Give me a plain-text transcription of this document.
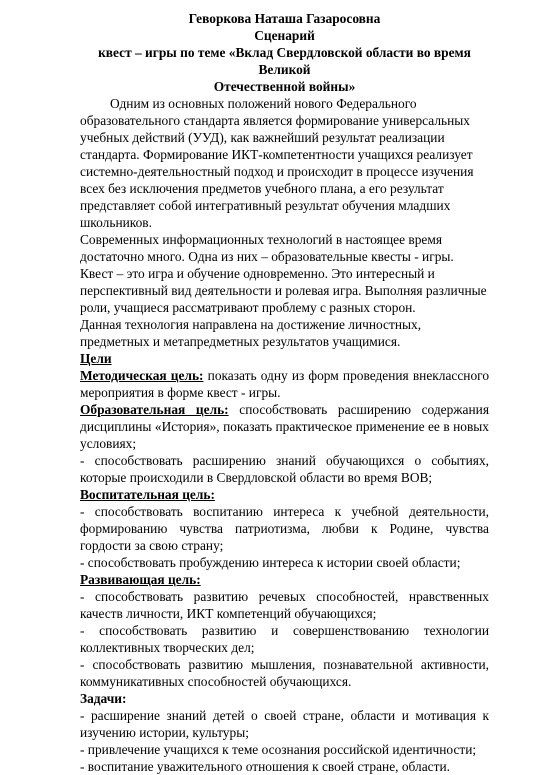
Геворкова Наташа Газаросовна

Сценарий

квест – игры по теме «Вклад Свердловской области во время Великой

Отечественной войны»

Одним из основных положений нового Федерального образовательного стандарта является формирование универсальных учебных действий (УУД), как важнейший результат реализации стандарта. Формирование ИКТ-компетентности учащихся реализует системно-деятельностный подход и происходит в процессе изучения всех без исключения предметов учебного плана, а его результат представляет собой интегративный результат обучения младших школьников.

Современных информационных технологий в настоящее время достаточно много. Одна из них – образовательные квесты - игры.

Квест – это игра и обучение одновременно. Это интересный и перспективный вид деятельности и ролевая игра. Выполняя различные роли, учащиеся рассматривают проблему с разных сторон.

Данная технология направлена на достижение личностных, предметных и метапредметных результатов учащимися.

Цели

Методическая цель: показать одну из форм проведения внеклассного мероприятия в форме квест - игры.

Образовательная цель: способствовать расширению содержания дисциплины «История», показать практическое применение ее в новых условиях;

- способствовать расширению знаний обучающихся о событиях, которые происходили в Свердловской области во время ВОВ;

Воспитательная цель:

- способствовать воспитанию интереса к учебной деятельности, формированию чувства патриотизма, любви к Родине, чувства гордости за свою страну;

- способствовать пробуждению интереса к истории своей области;

Развивающая цель:

- способствовать развитию речевых способностей, нравственных качеств личности, ИКТ компетенций обучающихся;

- способствовать развитию и совершенствованию технологии коллективных творческих дел;

- способствовать развитию мышления, познавательной активности, коммуникативных способностей обучающихся.

Задачи:

- расширение знаний детей о своей стране, области и мотивация к изучению истории, культуры;

- привлечение учащихся к теме осознания российской идентичности;

- воспитание уважительного отношения к своей стране, области.
